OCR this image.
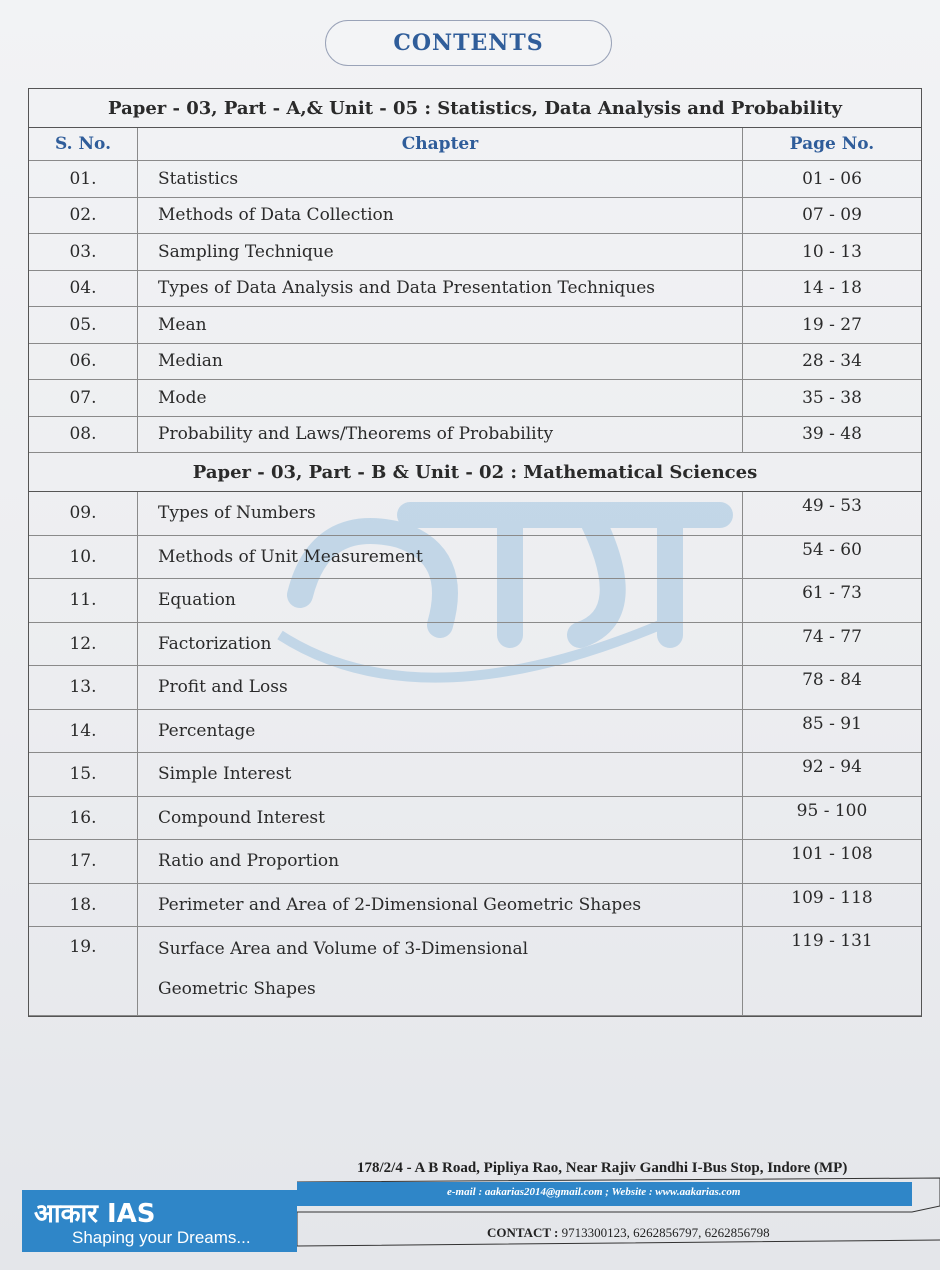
CONTENTS
Paper - 03, Part - A,& Unit - 05 : Statistics, Data Analysis and Probability		
S. No.	Chapter	Page No.
01.	Statistics	01 - 06
02.	Methods of Data Collection	07 - 09
03.	Sampling Technique	10 - 13
04.	Types of Data Analysis and Data Presentation Techniques	14 - 18
05.	Mean	19 - 27
06.	Median	28 - 34
07.	Mode	35 - 38
08.	Probability and Laws/Theorems of Probability	39 - 48
Paper - 03, Part - B & Unit - 02 : Mathematical Sciences		
09.	Types of Numbers	49 - 53
10.	Methods of Unit Measurement	54 - 60
11.	Equation	61 - 73
12.	Factorization	74 - 77
13.	Profit and Loss	78 - 84
14.	Percentage	85 - 91
15.	Simple Interest	92 - 94
16.	Compound Interest	95 - 100
17.	Ratio and Proportion	101 - 108
18.	Perimeter and Area of 2-Dimensional Geometric Shapes	109 - 118
19.	Surface Area and Volume of 3-Dimensional
Geometric Shapes	119 - 131
आकार IAS
Shaping your Dreams...
178/2/4 - A B Road, Pipliya Rao, Near Rajiv Gandhi I-Bus Stop, Indore (MP)
e-mail : aakarias2014@gmail.com ; Website : www.aakarias.com
CONTACT : 9713300123, 6262856797, 6262856798
